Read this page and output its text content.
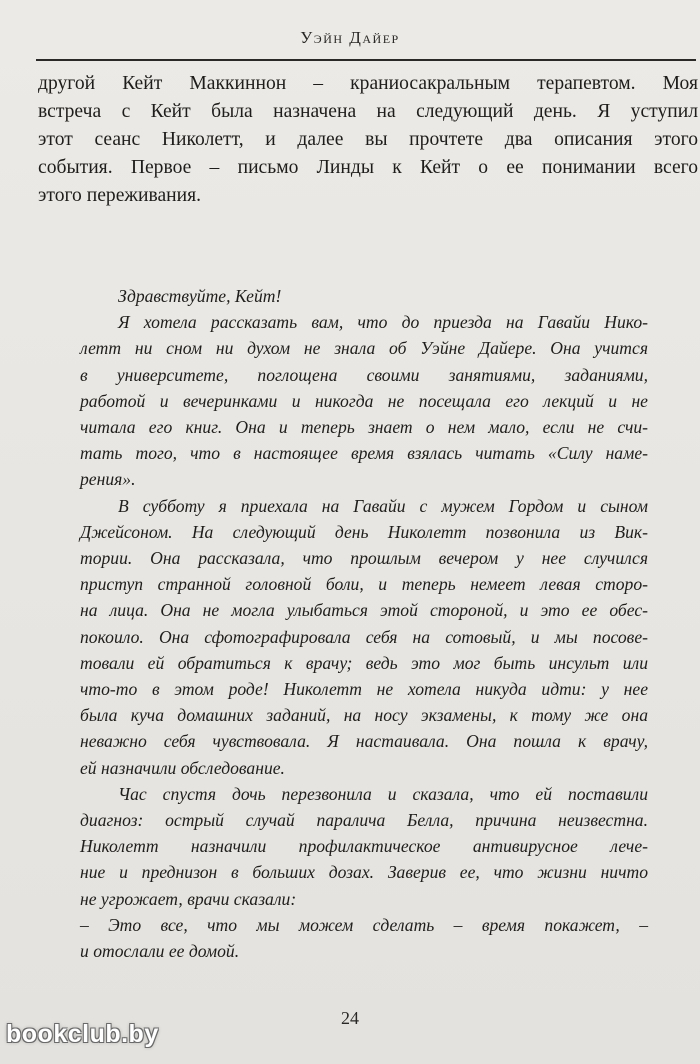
Уэйн Дайер
другой Кейт Маккиннон – краниосакральным терапевтом. Моя
встреча с Кейт была назначена на следующий день. Я уступил
этот сеанс Николетт, и далее вы прочтете два описания этого
события. Первое – письмо Линды к Кейт о ее понимании всего
этого переживания.
Здравствуйте, Кейт!
Я хотела рассказать вам, что до приезда на Гавайи Нико-
летт ни сном ни духом не знала об Уэйне Дайере. Она учится
в университете, поглощена своими занятиями, заданиями,
работой и вечеринками и никогда не посещала его лекций и не
читала его книг. Она и теперь знает о нем мало, если не счи-
тать того, что в настоящее время взялась читать «Силу наме-
рения».
В субботу я приехала на Гавайи с мужем Гордом и сыном
Джейсоном. На следующий день Николетт позвонила из Вик-
тории. Она рассказала, что прошлым вечером у нее случился
приступ странной головной боли, и теперь немеет левая сторо-
на лица. Она не могла улыбаться этой стороной, и это ее обес-
покоило. Она сфотографировала себя на сотовый, и мы посове-
товали ей обратиться к врачу; ведь это мог быть инсульт или
что-то в этом роде! Николетт не хотела никуда идти: у нее
была куча домашних заданий, на носу экзамены, к тому же она
неважно себя чувствовала. Я настаивала. Она пошла к врачу,
ей назначили обследование.
Час спустя дочь перезвонила и сказала, что ей поставили
диагноз: острый случай паралича Белла, причина неизвестна.
Николетт назначили профилактическое антивирусное лече-
ние и преднизон в больших дозах. Заверив ее, что жизни ничто
не угрожает, врачи сказали:
– Это все, что мы можем сделать – время покажет, –
и отослали ее домой.
24
bookclub.by
